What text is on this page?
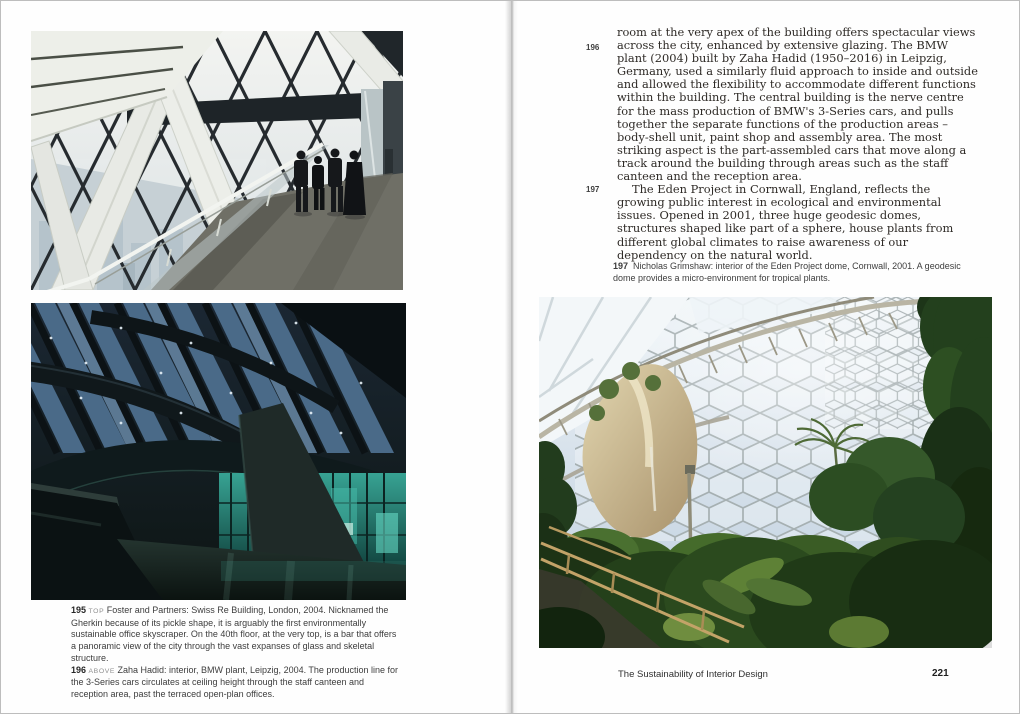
195 TOP Foster and Partners: Swiss Re Building, London, 2004. Nicknamed the Gherkin because of its pickle shape, it is arguably the first environmentally sustainable office skyscraper. On the 40th floor, at the very top, is a bar that offers a panoramic view of the city through the vast expanses of glass and skeletal structure.

196 ABOVE Zaha Hadid: interior, BMW plant, Leipzig, 2004. The production line for the 3-Series cars circulates at ceiling height through the staff canteen and reception area, past the terraced open-plan offices.

196
197

room at the very apex of the building offers spectacular views across the city, enhanced by extensive glazing. The BMW plant (2004) built by Zaha Hadid (1950–2016) in Leipzig, Germany, used a similarly fluid approach to inside and outside and allowed the flexibility to accommodate different functions within the building. The central building is the nerve centre for the mass production of BMW's 3-Series cars, and pulls together the separate functions of the production areas – body-shell unit, paint shop and assembly area. The most striking aspect is the part-assembled cars that move along a track around the building through areas such as the staff canteen and the reception area.

The Eden Project in Cornwall, England, reflects the growing public interest in ecological and environmental issues. Opened in 2001, three huge geodesic domes, structures shaped like part of a sphere, house plants from different global climates to raise awareness of our dependency on the natural world.

197 Nicholas Grimshaw: interior of the Eden Project dome, Cornwall, 2001. A geodesic dome provides a micro-environment for tropical plants.
The Sustainability of Interior Design	221
